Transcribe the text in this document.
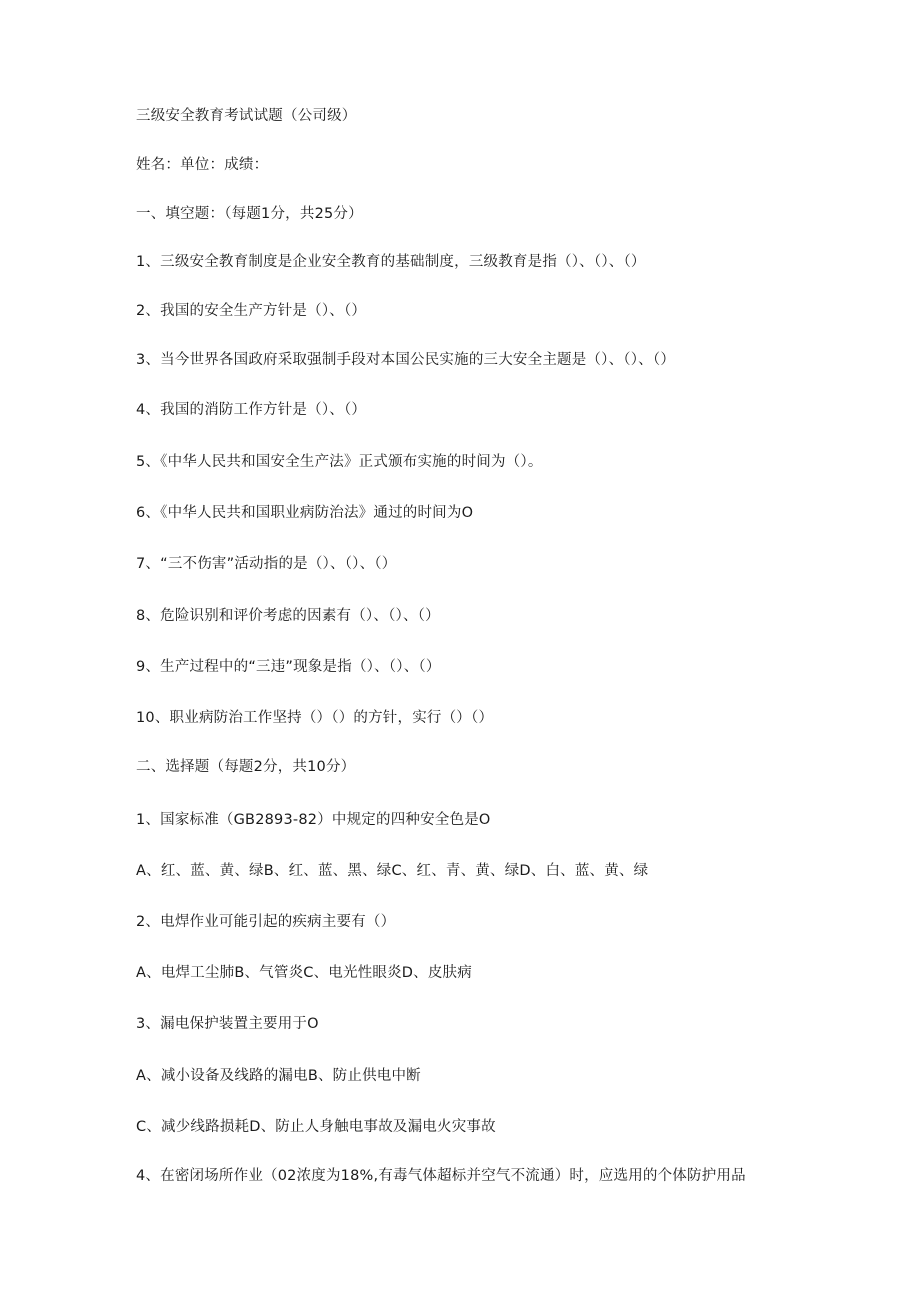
三级安全教育考试试题（公司级）

姓名：单位：成绩：

一、填空题：（每题1分，共25分）

1、三级安全教育制度是企业安全教育的基础制度，三级教育是指（）、（）、（）

2、我国的安全生产方针是（）、（）

3、当今世界各国政府采取强制手段对本国公民实施的三大安全主题是（）、（）、（）

4、我国的消防工作方针是（）、（）

5、《中华人民共和国安全生产法》正式颁布实施的时间为（）。

6、《中华人民共和国职业病防治法》通过的时间为O

7、“三不伤害”活动指的是（）、（）、（）

8、危险识别和评价考虑的因素有（）、（）、（）

9、生产过程中的“三违”现象是指（）、（）、（）

10、职业病防治工作坚持（）（）的方针，实行（）（）

二、选择题（每题2分，共10分）

1、国家标准（GB2893-82）中规定的四种安全色是O

A、红、蓝、黄、绿B、红、蓝、黑、绿C、红、青、黄、绿D、白、蓝、黄、绿

2、电焊作业可能引起的疾病主要有（）

A、电焊工尘肺B、气管炎C、电光性眼炎D、皮肤病

3、漏电保护装置主要用于O

A、减小设备及线路的漏电B、防止供电中断

C、减少线路损耗D、防止人身触电事故及漏电火灾事故

4、在密闭场所作业（02浓度为18%,有毒气体超标并空气不流通）时，应选用的个体防护用品
